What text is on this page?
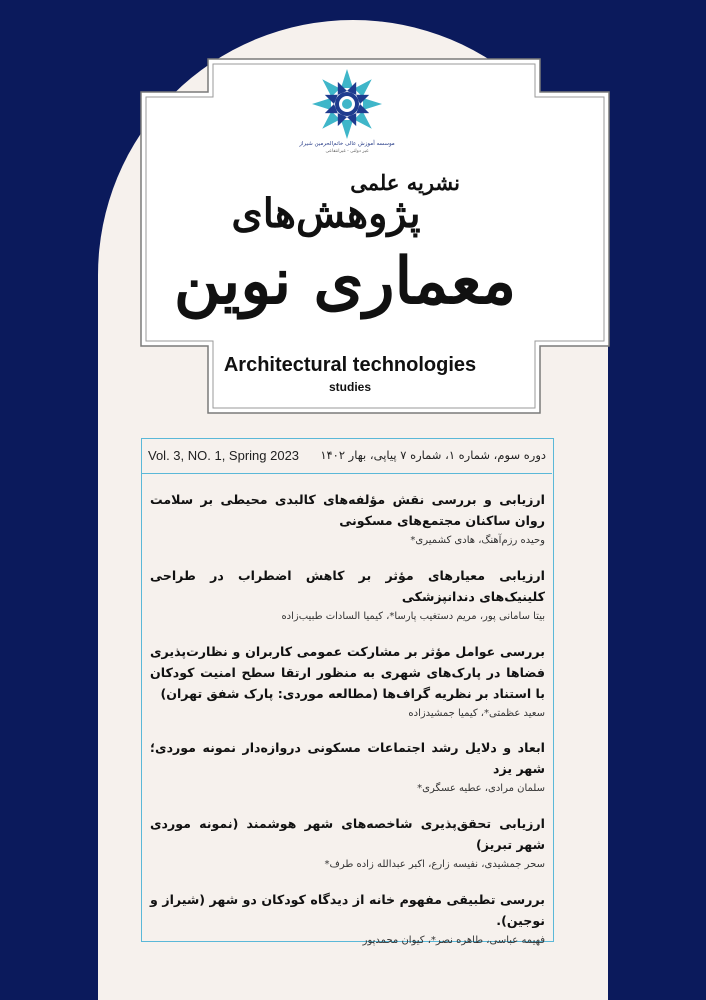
موسسه آموزش عالی خاتم‌الحرمین شیراز
غیر دولتی - غیرانتفاعی
نشریه علمی
پژوهش‌های
معماری نوین
Architectural technologies
studies
Vol. 3, NO. 1, Spring 2023 دوره سوم، شماره ۱، شماره ۷ پیاپی، بهار ۱۴۰۲
ارزیابی و بررسی نقش مؤلفه‌های کالبدی محیطی بر سلامت روان ساکنان مجتمع‌های مسکونی
وحیده رزم‌آهنگ، هادی کشمیری*
ارزیابی معیارهای مؤثر بر کاهش اضطراب در طراحی کلینیک‌های دندانپزشکی
بیتا سامانی پور، مریم دستغیب پارسا*، کیمیا السادات طبیب‌زاده
بررسی عوامل مؤثر بر مشارکت عمومی کاربران و نظارت‌پذیری فضاها در پارک‌های شهری به منظور ارتقا سطح امنیت کودکان با استناد بر نظریه گراف‌ها (مطالعه موردی: پارک شفق تهران)
سعید عظمتی*، کیمیا جمشیدزاده
ابعاد و دلایل رشد اجتماعات مسکونی دروازه‌دار نمونه موردی؛ شهر یزد
سلمان مرادی، عطیه عسگری*
ارزیابی تحقق‌پذیری شاخصه‌های شهر هوشمند (نمونه موردی شهر تبریز)
سحر جمشیدی، نفیسه زارع، اکبر عبدالله زاده طرف*
بررسی تطبیقی مفهوم خانه از دیدگاه کودکان دو شهر (شیراز و نوجین).
فهیمه عباسی، طاهره نصر*، کیوان محمدپور
